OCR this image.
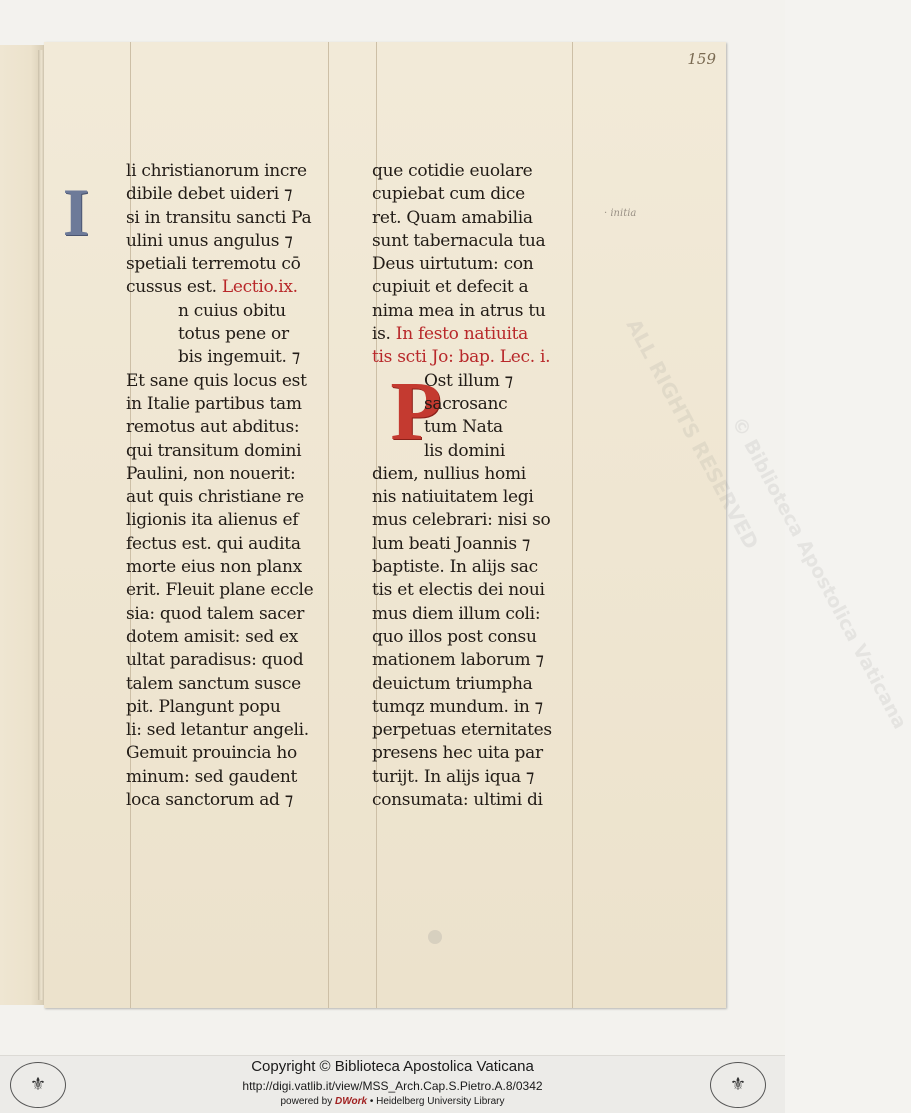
159
· initia
ALL RIGHTS RESERVED
© Biblioteca Apostolica Vaticana
I
P
li christianorum incre
dibile debet uideri ⁊
si in transitu sancti Pa
ulini unus angulus ⁊
spetiali terremotu cō
cussus est. Lectio.ix.
n cuius obitu
totus pene or
bis ingemuit. ⁊
Et sane quis locus est
in Italie partibus tam
remotus aut abditus:
qui transitum domini
Paulini, non nouerit:
aut quis christiane re
ligionis ita alienus ef
fectus est. qui audita
morte eius non planx
erit. Fleuit plane eccle
sia: quod talem sacer
dotem amisit: sed ex
ultat paradisus: quod
talem sanctum susce
pit. Plangunt popu
li: sed letantur angeli.
Gemuit prouincia ho
minum: sed gaudent
loca sanctorum ad ⁊
que cotidie euolare
cupiebat cum dice
ret. Quam amabilia
sunt tabernacula tua
Deus uirtutum: con
cupiuit et defecit a
nima mea in atrus tu
is. In festo natiuita
tis scti Jo: bap. Lec. i.
Ost illum ⁊
sacrosanc
tum Nata
lis domini
diem, nullius homi
nis natiuitatem legi
mus celebrari: nisi so
lum beati Joannis ⁊
baptiste. In alijs sac
tis et electis dei noui
mus diem illum coli:
quo illos post consu
mationem laborum ⁊
deuictum triumpha
tumqz mundum. in ⁊
perpetuas eternitates
presens hec uita par
turijt. In alijs iqua ⁊
consumata: ultimi di
⚜	⚜
Copyright © Biblioteca Apostolica Vaticana
http://digi.vatlib.it/view/MSS_Arch.Cap.S.Pietro.A.8/0342
powered by DWork • Heidelberg University Library
